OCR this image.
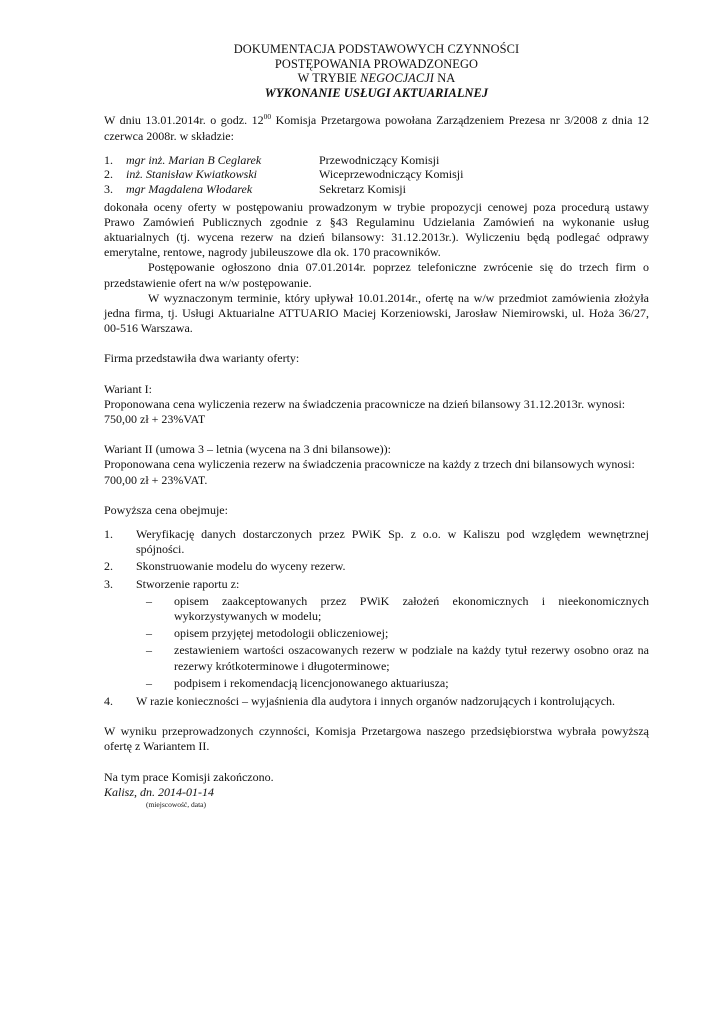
DOKUMENTACJA PODSTAWOWYCH CZYNNOŚCI
POSTĘPOWANIA PROWADZONEGO
W TRYBIE NEGOCJACJI NA
WYKONANIE USŁUGI AKTUARIALNEJ

W dniu 13.01.2014r. o godz. $12^{00}$ Komisja Przetargowa powołana Zarządzeniem Prezesa nr 3/2008 z dnia 12 czerwca 2008r. w składzie:

1.	mgr inż. Marian B Ceglarek	Przewodniczący Komisji
2.	inż. Stanisław Kwiatkowski	Wiceprzewodniczący Komisji
3.	mgr Magdalena Włodarek	Sekretarz Komisji

dokonała oceny oferty w postępowaniu prowadzonym w trybie propozycji cenowej poza procedurą ustawy Prawo Zamówień Publicznych zgodnie z §43 Regulaminu Udzielania Zamówień na wykonanie usług aktuarialnych (tj. wycena rezerw na dzień bilansowy: 31.12.2013r.). Wyliczeniu będą podlegać odprawy emerytalne, rentowe, nagrody jubileuszowe dla ok. 170 pracowników.

Postępowanie ogłoszono dnia 07.01.2014r. poprzez telefoniczne zwrócenie się do trzech firm o przedstawienie ofert na w/w postępowanie.

W wyznaczonym terminie, który upływał 10.01.2014r., ofertę na w/w przedmiot zamówienia złożyła jedna firma, tj. Usługi Aktuarialne ATTUARIO Maciej Korzeniowski, Jarosław Niemirowski, ul. Hoża 36/27, 00-516 Warszawa.

Firma przedstawiła dwa warianty oferty:

Wariant I:

Proponowana cena wyliczenia rezerw na świadczenia pracownicze na dzień bilansowy 31.12.2013r. wynosi:

750,00 zł + 23%VAT

Wariant II (umowa 3 – letnia (wycena na 3 dni bilansowe)):

Proponowana cena wyliczenia rezerw na świadczenia pracownicze na każdy z trzech dni bilansowych wynosi:

700,00 zł + 23%VAT.

Powyższa cena obejmuje:

1.	Weryfikację danych dostarczonych przez PWiK Sp. z o.o. w Kaliszu pod względem wewnętrznej spójności.
2.	Skonstruowanie modelu do wyceny rezerw.
3.	Stworzenie raportu z:
–	opisem zaakceptowanych przez PWiK założeń ekonomicznych i nieekonomicznych wykorzystywanych w modelu;
–	opisem przyjętej metodologii obliczeniowej;
–	zestawieniem wartości oszacowanych rezerw w podziale na każdy tytuł rezerwy osobno oraz na rezerwy krótkoterminowe i długoterminowe;
–	podpisem i rekomendacją licencjonowanego aktuariusza;
4.	W razie konieczności – wyjaśnienia dla audytora i innych organów nadzorujących i kontrolujących.

W wyniku przeprowadzonych czynności, Komisja Przetargowa naszego przedsiębiorstwa wybrała powyższą ofertę z Wariantem II.

Na tym prace Komisji zakończono.

Kalisz, dn. 2014-01-14

(miejscowość, data)
